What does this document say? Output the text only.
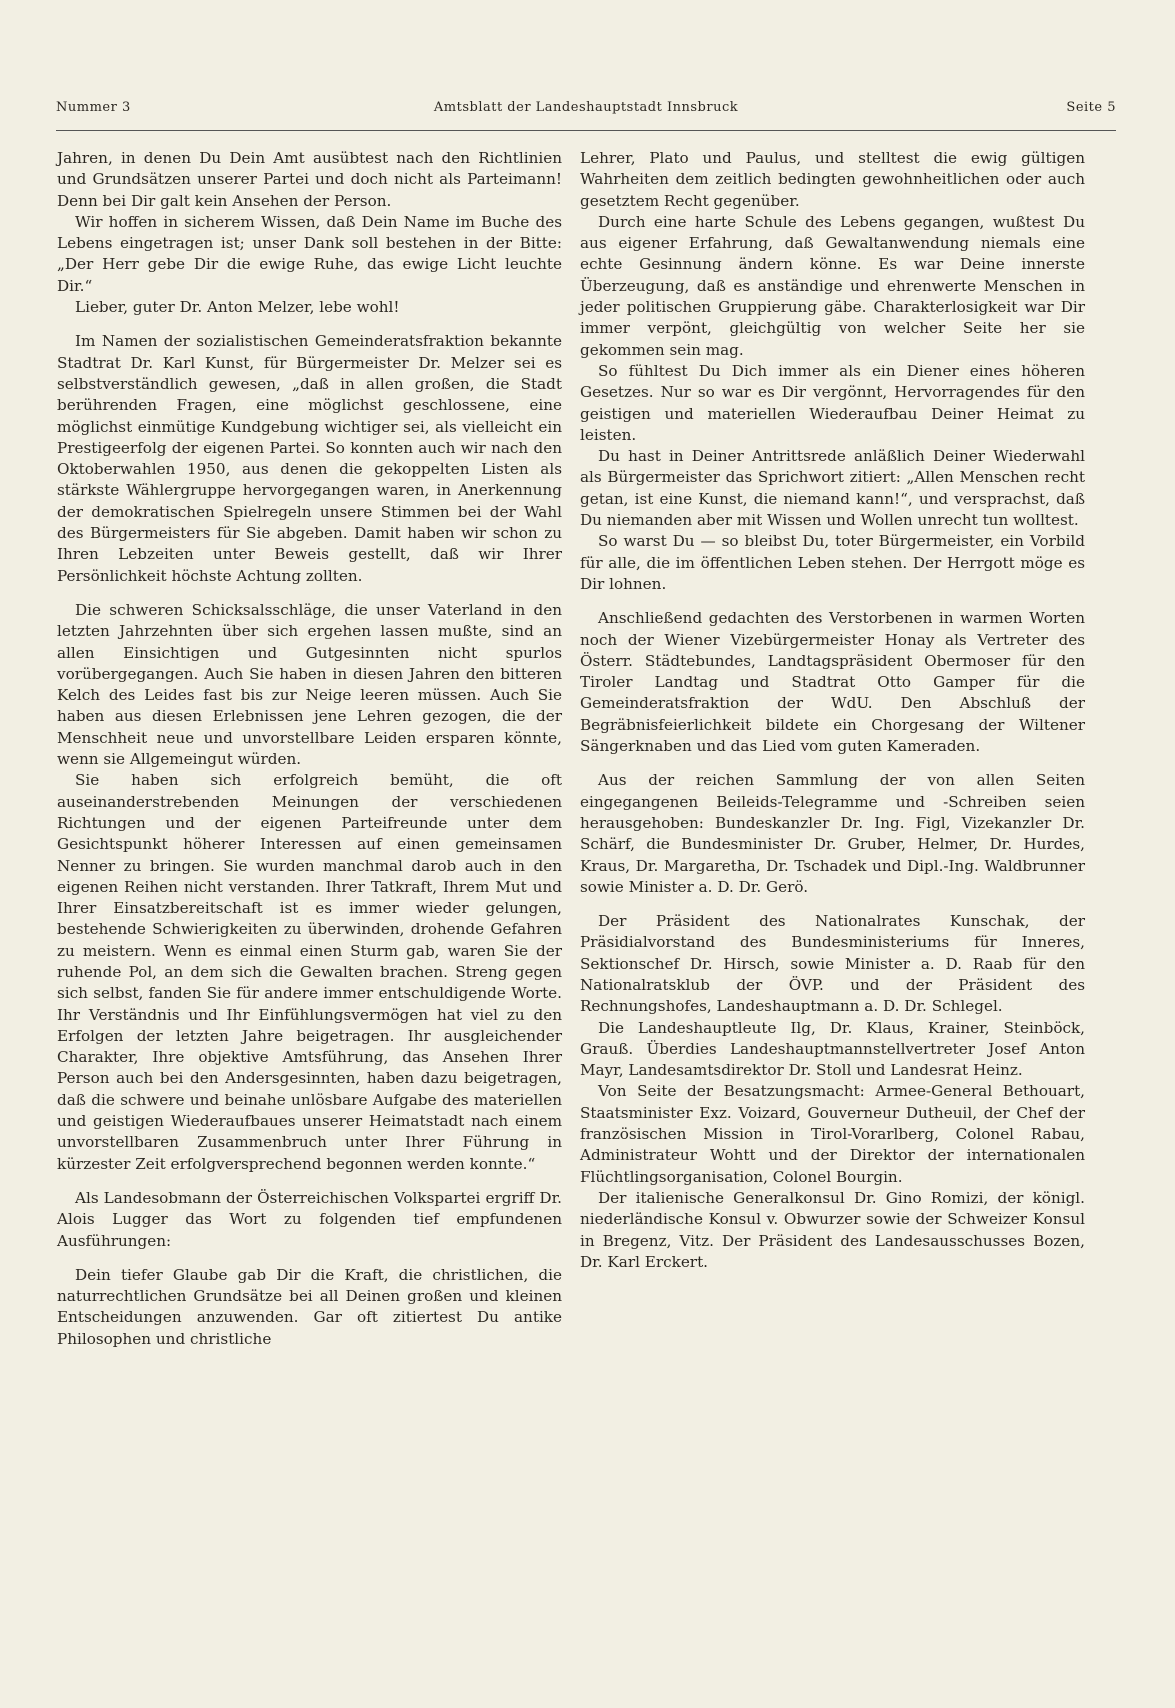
Nummer 3	Amtsblatt der Landeshauptstadt Innsbruck	Seite 5

Jahren, in denen Du Dein Amt ausübtest nach den Richtlinien und Grundsätzen unserer Partei und doch nicht als Parteimann! Denn bei Dir galt kein Ansehen der Person.

Wir hoffen in sicherem Wissen, daß Dein Name im Buche des Lebens eingetragen ist; unser Dank soll bestehen in der Bitte: „Der Herr gebe Dir die ewige Ruhe, das ewige Licht leuchte Dir.“

Lieber, guter Dr. Anton Melzer, lebe wohl!

Im Namen der sozialistischen Gemeinderatsfraktion bekannte Stadtrat Dr. Karl Kunst, für Bürgermeister Dr. Melzer sei es selbstverständlich gewesen, „daß in allen großen, die Stadt berührenden Fragen, eine möglichst geschlossene, eine möglichst einmütige Kundgebung wichtiger sei, als vielleicht ein Prestigeerfolg der eigenen Partei. So konnten auch wir nach den Oktoberwahlen 1950, aus denen die gekoppelten Listen als stärkste Wählergruppe hervorgegangen waren, in Anerkennung der demokratischen Spielregeln unsere Stimmen bei der Wahl des Bürgermeisters für Sie abgeben. Damit haben wir schon zu Ihren Lebzeiten unter Beweis gestellt, daß wir Ihrer Persönlichkeit höchste Achtung zollten.

Die schweren Schicksalsschläge, die unser Vaterland in den letzten Jahrzehnten über sich ergehen lassen mußte, sind an allen Einsichtigen und Gutgesinnten nicht spurlos vorübergegangen. Auch Sie haben in diesen Jahren den bitteren Kelch des Leides fast bis zur Neige leeren müssen. Auch Sie haben aus diesen Erlebnissen jene Lehren gezogen, die der Menschheit neue und unvorstellbare Leiden ersparen könnte, wenn sie Allgemeingut würden.

Sie haben sich erfolgreich bemüht, die oft auseinanderstrebenden Meinungen der verschiedenen Richtungen und der eigenen Parteifreunde unter dem Gesichtspunkt höherer Interessen auf einen gemeinsamen Nenner zu bringen. Sie wurden manchmal darob auch in den eigenen Reihen nicht verstanden. Ihrer Tatkraft, Ihrem Mut und Ihrer Einsatzbereitschaft ist es immer wieder gelungen, bestehende Schwierigkeiten zu überwinden, drohende Gefahren zu meistern. Wenn es einmal einen Sturm gab, waren Sie der ruhende Pol, an dem sich die Gewalten brachen. Streng gegen sich selbst, fanden Sie für andere immer entschuldigende Worte. Ihr Verständnis und Ihr Einfühlungsvermögen hat viel zu den Erfolgen der letzten Jahre beigetragen. Ihr ausgleichender Charakter, Ihre objektive Amtsführung, das Ansehen Ihrer Person auch bei den Andersgesinnten, haben dazu beigetragen, daß die schwere und beinahe unlösbare Aufgabe des materiellen und geistigen Wiederaufbaues unserer Heimatstadt nach einem unvorstellbaren Zusammenbruch unter Ihrer Führung in kürzester Zeit erfolgversprechend begonnen werden konnte.“

Als Landesobmann der Österreichischen Volkspartei ergriff Dr. Alois Lugger das Wort zu folgenden tief empfundenen Ausführungen:

Dein tiefer Glaube gab Dir die Kraft, die christlichen, die naturrechtlichen Grundsätze bei all Deinen großen und kleinen Entscheidungen anzuwenden. Gar oft zitiertest Du antike Philosophen und christliche

Lehrer, Plato und Paulus, und stelltest die ewig gültigen Wahrheiten dem zeitlich bedingten gewohnheitlichen oder auch gesetztem Recht gegenüber.

Durch eine harte Schule des Lebens gegangen, wußtest Du aus eigener Erfahrung, daß Gewaltanwendung niemals eine echte Gesinnung ändern könne. Es war Deine innerste Überzeugung, daß es anständige und ehrenwerte Menschen in jeder politischen Gruppierung gäbe. Charakterlosigkeit war Dir immer verpönt, gleichgültig von welcher Seite her sie gekommen sein mag.

So fühltest Du Dich immer als ein Diener eines höheren Gesetzes. Nur so war es Dir vergönnt, Hervorragendes für den geistigen und materiellen Wiederaufbau Deiner Heimat zu leisten.

Du hast in Deiner Antrittsrede anläßlich Deiner Wiederwahl als Bürgermeister das Sprichwort zitiert: „Allen Menschen recht getan, ist eine Kunst, die niemand kann!“, und versprachst, daß Du niemanden aber mit Wissen und Wollen unrecht tun wolltest.

So warst Du — so bleibst Du, toter Bürgermeister, ein Vorbild für alle, die im öffentlichen Leben stehen. Der Herrgott möge es Dir lohnen.

Anschließend gedachten des Verstorbenen in warmen Worten noch der Wiener Vizebürgermeister Honay als Vertreter des Österr. Städtebundes, Landtagspräsident Obermoser für den Tiroler Landtag und Stadtrat Otto Gamper für die Gemeinderatsfraktion der WdU. Den Abschluß der Begräbnisfeierlichkeit bildete ein Chorgesang der Wiltener Sängerknaben und das Lied vom guten Kameraden.

Aus der reichen Sammlung der von allen Seiten eingegangenen Beileids-Telegramme und -Schreiben seien herausgehoben: Bundeskanzler Dr. Ing. Figl, Vizekanzler Dr. Schärf, die Bundesminister Dr. Gruber, Helmer, Dr. Hurdes, Kraus, Dr. Margaretha, Dr. Tschadek und Dipl.-Ing. Waldbrunner sowie Minister a. D. Dr. Gerö.

Der Präsident des Nationalrates Kunschak, der Präsidialvorstand des Bundesministeriums für Inneres, Sektionschef Dr. Hirsch, sowie Minister a. D. Raab für den Nationalratsklub der ÖVP. und der Präsident des Rechnungshofes, Landeshauptmann a. D. Dr. Schlegel.

Die Landeshauptleute Ilg, Dr. Klaus, Krainer, Steinböck, Grauß. Überdies Landeshauptmannstellvertreter Josef Anton Mayr, Landesamtsdirektor Dr. Stoll und Landesrat Heinz.

Von Seite der Besatzungsmacht: Armee-General Bethouart, Staatsminister Exz. Voizard, Gouverneur Dutheuil, der Chef der französischen Mission in Tirol-Vorarlberg, Colonel Rabau, Administrateur Wohtt und der Direktor der internationalen Flüchtlingsorganisation, Colonel Bourgin.

Der italienische Generalkonsul Dr. Gino Romizi, der königl. niederländische Konsul v. Obwurzer sowie der Schweizer Konsul in Bregenz, Vitz. Der Präsident des Landesausschusses Bozen, Dr. Karl Erckert.
